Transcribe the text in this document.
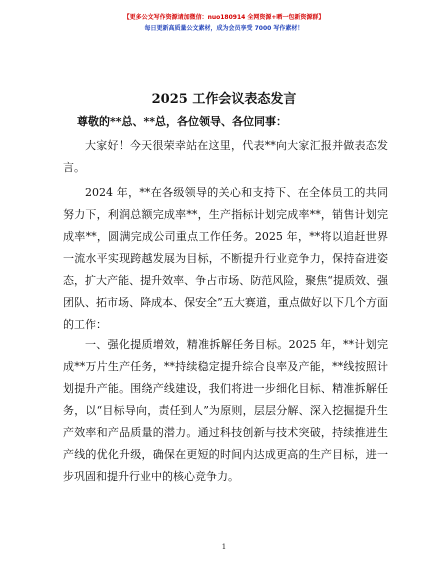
【更多公文写作资源请加微信：nuo180914 全网资源+晒一包新资源群】
每日更新高质量公文素材，成为会员享受 7000 写作素材！
2025 工作会议表态发言
尊敬的**总、**总，各位领导、各位同事：

大家好！今天很荣幸站在这里，代表**向大家汇报并做表态发言。

2024 年，**在各级领导的关心和支持下、在全体员工的共同努力下，利润总额完成率**，生产指标计划完成率**，销售计划完成率**，圆满完成公司重点工作任务。2025 年，**将以追赶世界一流水平实现跨越发展为目标，不断提升行业竞争力，保持奋进姿态，扩大产能、提升效率、争占市场、防范风险，聚焦“提质效、强团队、拓市场、降成本、保安全”五大赛道，重点做好以下几个方面的工作：

一、强化提质增效，精准拆解任务目标。2025 年，**计划完成**万片生产任务，**持续稳定提升综合良率及产能，**线按照计划提升产能。围绕产线建设，我们将进一步细化目标、精准拆解任务，以“目标导向，责任到人”为原则，层层分解、深入挖掘提升生产效率和产品质量的潜力。通过科技创新与技术突破，持续推进生产线的优化升级，确保在更短的时间内达成更高的生产目标，进一步巩固和提升行业中的核心竞争力。

1
